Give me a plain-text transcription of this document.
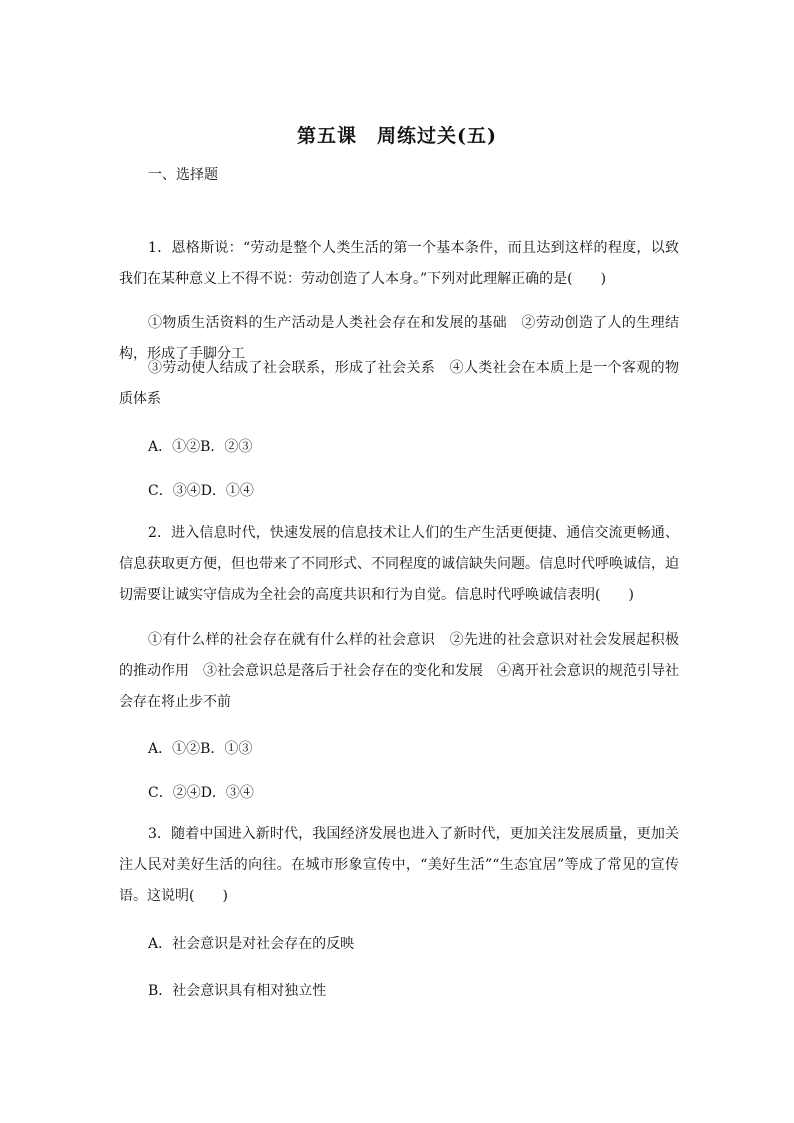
第五课　周练过关(五)
一、选择题

1．恩格斯说：“劳动是整个人类生活的第一个基本条件，而且达到这样的程度，以致我们在某种意义上不得不说：劳动创造了人本身。”下列对此理解正确的是(　　)

①物质生活资料的生产活动是人类社会存在和发展的基础　②劳动创造了人的生理结构，形成了手脚分工

③劳动使人结成了社会联系，形成了社会关系　④人类社会在本质上是一个客观的物质体系

A．①②B．②③
C．③④D．①④

2．进入信息时代，快速发展的信息技术让人们的生产生活更便捷、通信交流更畅通、信息获取更方便，但也带来了不同形式、不同程度的诚信缺失问题。信息时代呼唤诚信，迫切需要让诚实守信成为全社会的高度共识和行为自觉。信息时代呼唤诚信表明(　　)

①有什么样的社会存在就有什么样的社会意识　②先进的社会意识对社会发展起积极的推动作用　③社会意识总是落后于社会存在的变化和发展　④离开社会意识的规范引导社会存在将止步不前

A．①②B．①③
C．②④D．③④

3．随着中国进入新时代，我国经济发展也进入了新时代，更加关注发展质量，更加关注人民对美好生活的向往。在城市形象宣传中，“美好生活”“生态宜居”等成了常见的宣传语。这说明(　　)

A．社会意识是对社会存在的反映
B．社会意识具有相对独立性
